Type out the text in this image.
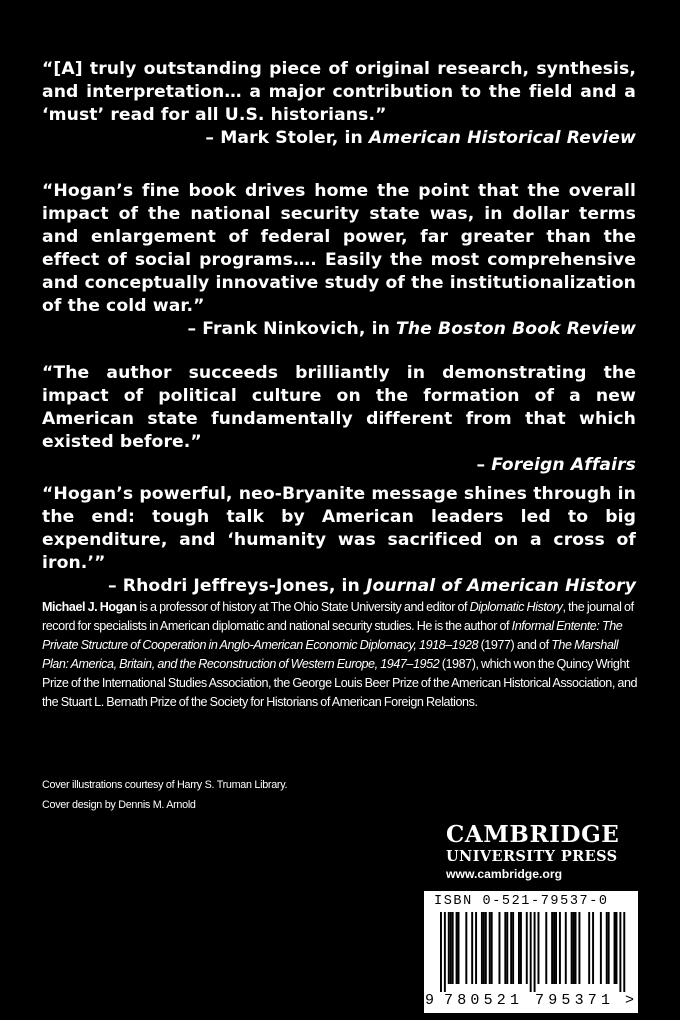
“[A] truly outstanding piece of original research, synthesis, and interpretation… a major contribution to the field and a ‘must’ read for all U.S. historians.”
– Mark Stoler, in American Historical Review
“Hogan’s fine book drives home the point that the overall impact of the national security state was, in dollar terms and enlargement of federal power, far greater than the effect of social programs…. Easily the most comprehensive and conceptually innovative study of the institutionalization of the cold war.”
– Frank Ninkovich, in The Boston Book Review
“The author succeeds brilliantly in demonstrating the impact of political culture on the formation of a new American state fundamentally different from that which existed before.”
– Foreign Affairs
“Hogan’s powerful, neo-Bryanite message shines through in the end: tough talk by American leaders led to big expenditure, and ‘humanity was sacrificed on a cross of iron.’”
– Rhodri Jeffreys-Jones, in Journal of American History
Michael J. Hogan is a professor of history at The Ohio State University and editor of Diplomatic History, the journal of record for specialists in American diplomatic and national security studies. He is the author of Informal Entente: The Private Structure of Cooperation in Anglo-American Economic Diplomacy, 1918–1928 (1977) and of The Marshall Plan: America, Britain, and the Reconstruction of Western Europe, 1947–1952 (1987), which won the Quincy Wright Prize of the International Studies Association, the George Louis Beer Prize of the American Historical Association, and the Stuart L. Bernath Prize of the Society for Historians of American Foreign Relations.
Cover illustrations courtesy of Harry S. Truman Library.
Cover design by Dennis M. Arnold
CAMBRIDGE
UNIVERSITY PRESS
www.cambridge.org
ISBN 0-521-79537-0
9 780521 795371 >
